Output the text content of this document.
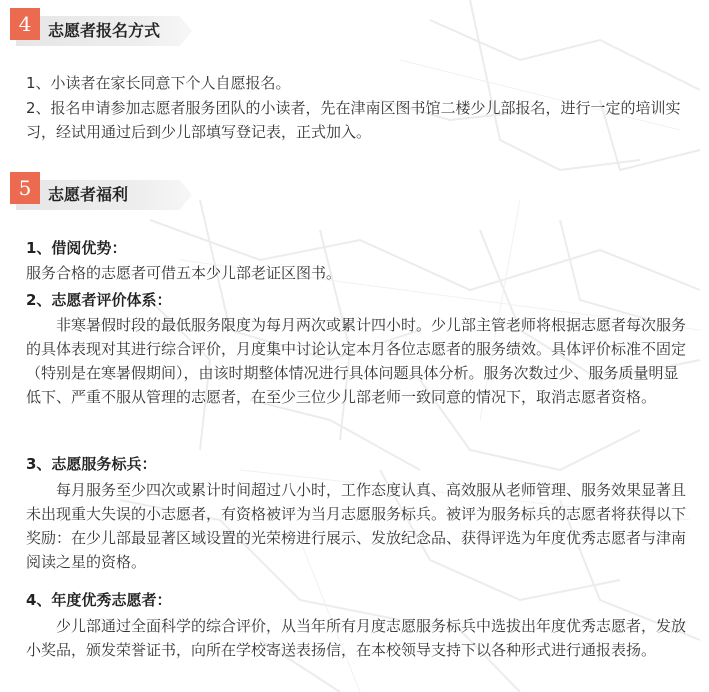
4	志愿者报名方式

1、小读者在家长同意下个人自愿报名。

2、报名申请参加志愿者服务团队的小读者，先在津南区图书馆二楼少儿部报名，进行一定的培训实习，经试用通过后到少儿部填写登记表，正式加入。

5	志愿者福利

1、借阅优势：

服务合格的志愿者可借五本少儿部老证区图书。

2、志愿者评价体系：

非寒暑假时段的最低服务限度为每月两次或累计四小时。少儿部主管老师将根据志愿者每次服务的具体表现对其进行综合评价，月度集中讨论认定本月各位志愿者的服务绩效。具体评价标准不固定（特别是在寒暑假期间），由该时期整体情况进行具体问题具体分析。服务次数过少、服务质量明显低下、严重不服从管理的志愿者，在至少三位少儿部老师一致同意的情况下，取消志愿者资格。

3、志愿服务标兵：

每月服务至少四次或累计时间超过八小时，工作态度认真、高效服从老师管理、服务效果显著且未出现重大失误的小志愿者，有资格被评为当月志愿服务标兵。被评为服务标兵的志愿者将获得以下奖励：在少儿部最显著区域设置的光荣榜进行展示、发放纪念品、获得评选为年度优秀志愿者与津南阅读之星的资格。

4、年度优秀志愿者：

少儿部通过全面科学的综合评价，从当年所有月度志愿服务标兵中选拔出年度优秀志愿者，发放小奖品，颁发荣誉证书，向所在学校寄送表扬信，在本校领导支持下以各种形式进行通报表扬。
